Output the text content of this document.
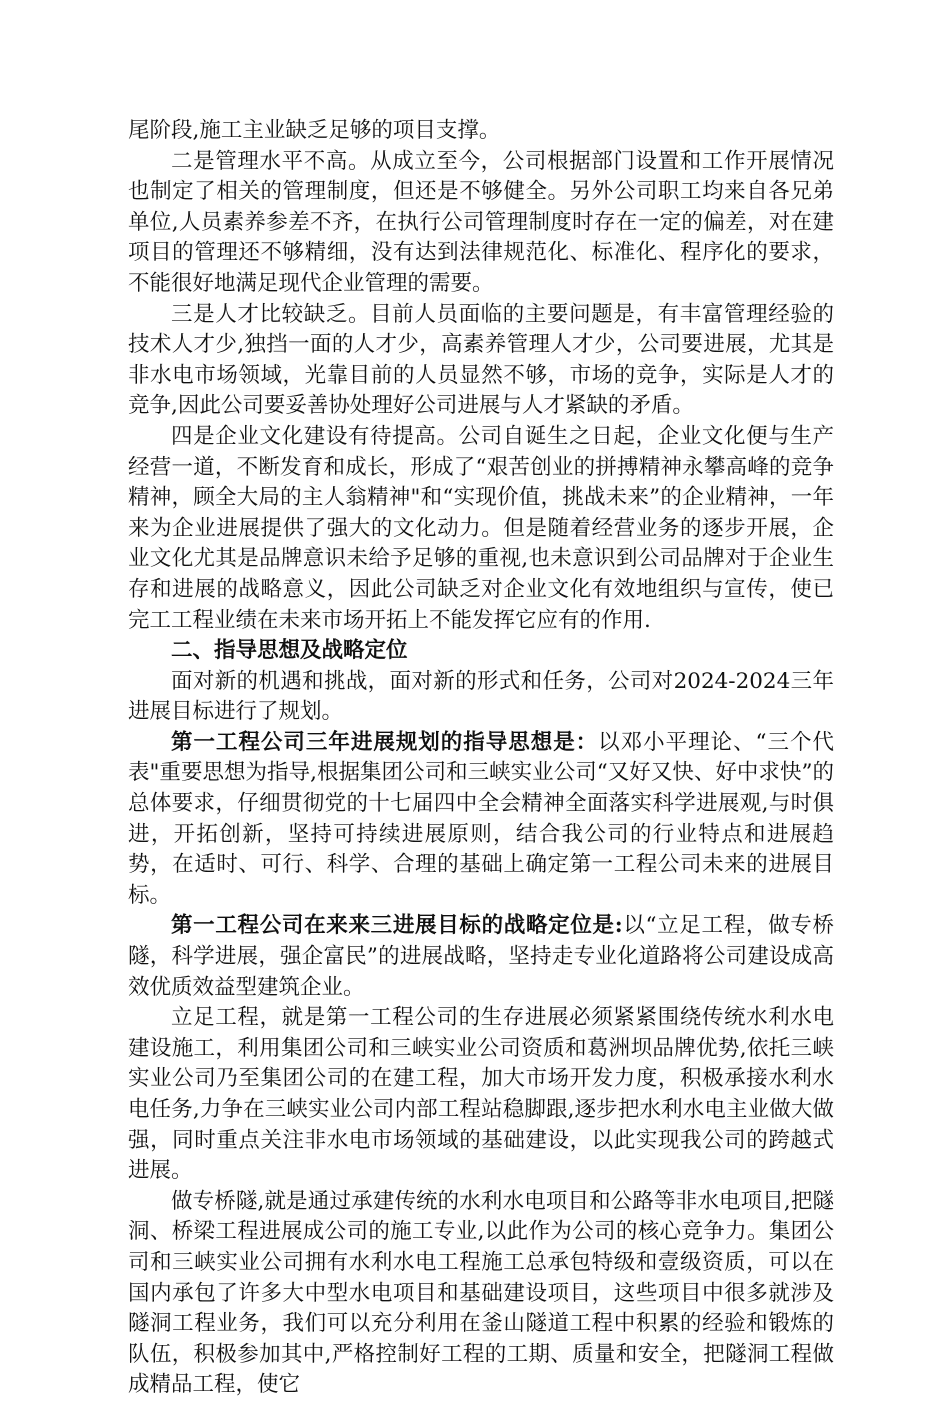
尾阶段,施工主业缺乏足够的项目支撑。

二是管理水平不高。从成立至今，公司根据部门设置和工作开展情况也制定了相关的管理制度，但还是不够健全。另外公司职工均来自各兄弟单位,人员素养参差不齐，在执行公司管理制度时存在一定的偏差，对在建项目的管理还不够精细，没有达到法律规范化、标准化、程序化的要求，不能很好地满足现代企业管理的需要。

三是人才比较缺乏。目前人员面临的主要问题是，有丰富管理经验的技术人才少,独挡一面的人才少，高素养管理人才少，公司要进展，尤其是非水电市场领域，光靠目前的人员显然不够，市场的竞争，实际是人才的竞争,因此公司要妥善协处理好公司进展与人才紧缺的矛盾。

四是企业文化建设有待提高。公司自诞生之日起，企业文化便与生产经营一道，不断发育和成长，形成了“艰苦创业的拼搏精神永攀高峰的竞争精神，顾全大局的主人翁精神"和“实现价值，挑战未来”的企业精神，一年来为企业进展提供了强大的文化动力。但是随着经营业务的逐步开展，企业文化尤其是品牌意识未给予足够的重视,也未意识到公司品牌对于企业生存和进展的战略意义，因此公司缺乏对企业文化有效地组织与宣传，使已完工工程业绩在未来市场开拓上不能发挥它应有的作用.

二、指导思想及战略定位

面对新的机遇和挑战，面对新的形式和任务，公司对2024-2024三年进展目标进行了规划。

第一工程公司三年进展规划的指导思想是：以邓小平理论、“三个代表"重要思想为指导,根据集团公司和三峡实业公司“又好又快、好中求快”的总体要求，仔细贯彻党的十七届四中全会精神全面落实科学进展观,与时俱进，开拓创新，坚持可持续进展原则，结合我公司的行业特点和进展趋势，在适时、可行、科学、合理的基础上确定第一工程公司未来的进展目标。

第一工程公司在来来三进展目标的战略定位是:以“立足工程，做专桥隧，科学进展，强企富民”的进展战略，坚持走专业化道路将公司建设成高效优质效益型建筑企业。

立足工程，就是第一工程公司的生存进展必须紧紧围绕传统水利水电建设施工，利用集团公司和三峡实业公司资质和葛洲坝品牌优势,依托三峡实业公司乃至集团公司的在建工程，加大市场开发力度，积极承接水利水电任务,力争在三峡实业公司内部工程站稳脚跟,逐步把水利水电主业做大做强，同时重点关注非水电市场领域的基础建设，以此实现我公司的跨越式进展。

做专桥隧,就是通过承建传统的水利水电项目和公路等非水电项目,把隧洞、桥梁工程进展成公司的施工专业,以此作为公司的核心竞争力。集团公司和三峡实业公司拥有水利水电工程施工总承包特级和壹级资质，可以在国内承包了许多大中型水电项目和基础建设项目，这些项目中很多就涉及隧洞工程业务，我们可以充分利用在釜山隧道工程中积累的经验和锻炼的队伍，积极参加其中,严格控制好工程的工期、质量和安全，把隧洞工程做成精品工程，使它
